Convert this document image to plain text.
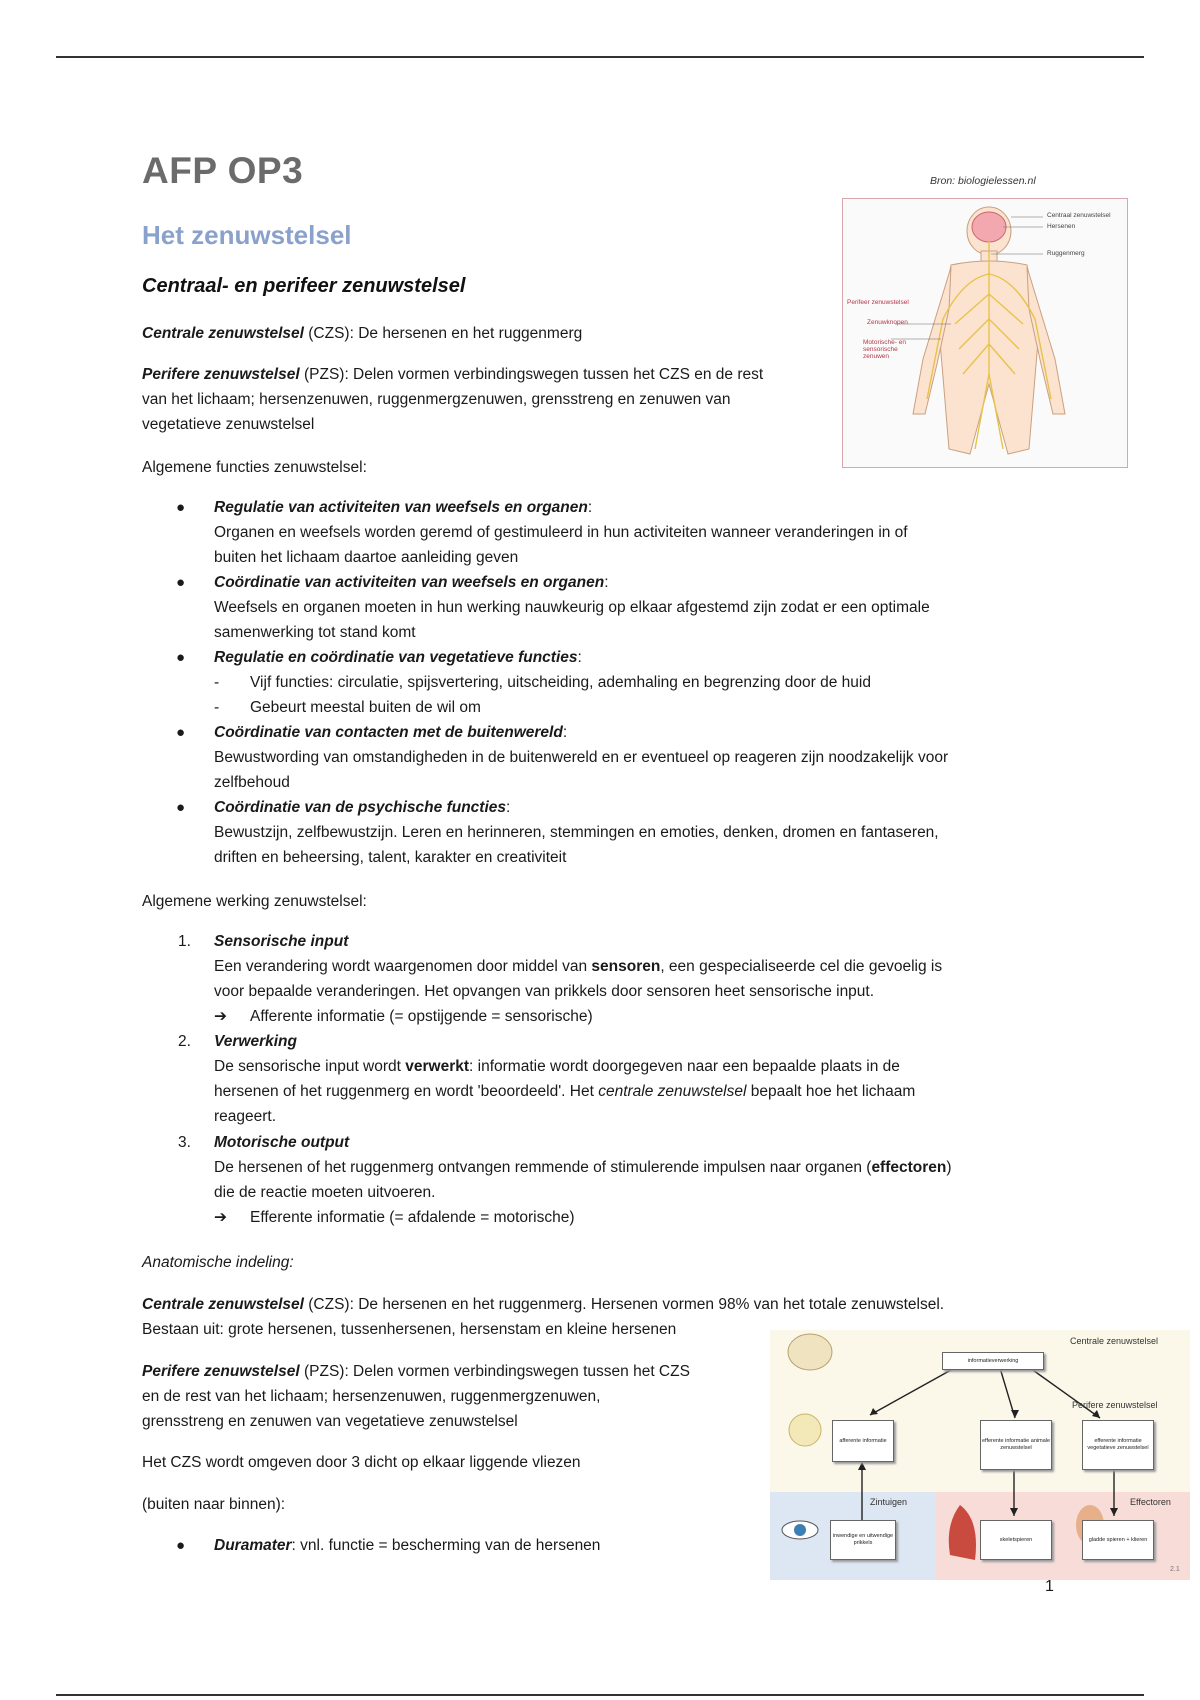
AFP OP3
Het zenuwstelsel
Centraal- en perifeer zenuwstelsel

Centrale zenuwstelsel (CZS): De hersenen en het ruggenmerg

Perifere zenuwstelsel (PZS): Delen vormen verbindingswegen tussen het CZS en de rest
van het lichaam; hersenzenuwen, ruggenmergzenuwen, grensstreng en zenuwen van
vegetatieve zenuwstelsel

Algemene functies zenuwstelsel:

● Regulatie van activiteiten van weefsels en organen:
Organen en weefsels worden geremd of gestimuleerd in hun activiteiten wanneer veranderingen in of
buiten het lichaam daartoe aanleiding geven
● Coördinatie van activiteiten van weefsels en organen:
Weefsels en organen moeten in hun werking nauwkeurig op elkaar afgestemd zijn zodat er een optimale
samenwerking tot stand komt
● Regulatie en coördinatie van vegetatieve functies:
- Vijf functies: circulatie, spijsvertering, uitscheiding, ademhaling en begrenzing door de huid
- Gebeurt meestal buiten de wil om
● Coördinatie van contacten met de buitenwereld:
Bewustwording van omstandigheden in de buitenwereld en er eventueel op reageren zijn noodzakelijk voor
zelfbehoud
● Coördinatie van de psychische functies:
Bewustzijn, zelfbewustzijn. Leren en herinneren, stemmingen en emoties, denken, dromen en fantaseren,
driften en beheersing, talent, karakter en creativiteit

Algemene werking zenuwstelsel:

1. Sensorische input
Een verandering wordt waargenomen door middel van sensoren, een gespecialiseerde cel die gevoelig is
voor bepaalde veranderingen. Het opvangen van prikkels door sensoren heet sensorische input.
➔ Afferente informatie (= opstijgende = sensorische)
2. Verwerking
De sensorische input wordt verwerkt: informatie wordt doorgegeven naar een bepaalde plaats in de
hersenen of het ruggenmerg en wordt 'beoordeeld'. Het centrale zenuwstelsel bepaalt hoe het lichaam
reageert.
3. Motorische output
De hersenen of het ruggenmerg ontvangen remmende of stimulerende impulsen naar organen (effectoren)
die de reactie moeten uitvoeren.
➔ Efferente informatie (= afdalende = motorische)

Anatomische indeling:

Centrale zenuwstelsel (CZS): De hersenen en het ruggenmerg. Hersenen vormen 98% van het totale zenuwstelsel.
Bestaan uit: grote hersenen, tussenhersenen, hersenstam en kleine hersenen
Perifere zenuwstelsel (PZS): Delen vormen verbindingswegen tussen het CZS
en de rest van het lichaam; hersenzenuwen, ruggenmergzenuwen,
grensstreng en zenuwen van vegetatieve zenuwstelsel

Het CZS wordt omgeven door 3 dicht op elkaar liggende vliezen

(buiten naar binnen):

● Duramater: vnl. functie = bescherming van de hersenen
Bron: biologielessen.nl
Centraal zenuwstelsel
Hersenen
Ruggenmerg
Perifeer zenuwstelsel
Zenuwknopen
Motorische- en sensorische zenuwen
Centrale zenuwstelsel
Perifere zenuwstelsel
Zintuigen	Effectoren
informatieverwerking
afferente informatie	efferente informatie animale zenuwstelsel
efferente informatie vegetatieve zenuwstelsel
inwendige en uitwendige prikkels
skeletspieren	gladde spieren + klieren
2.1
1
